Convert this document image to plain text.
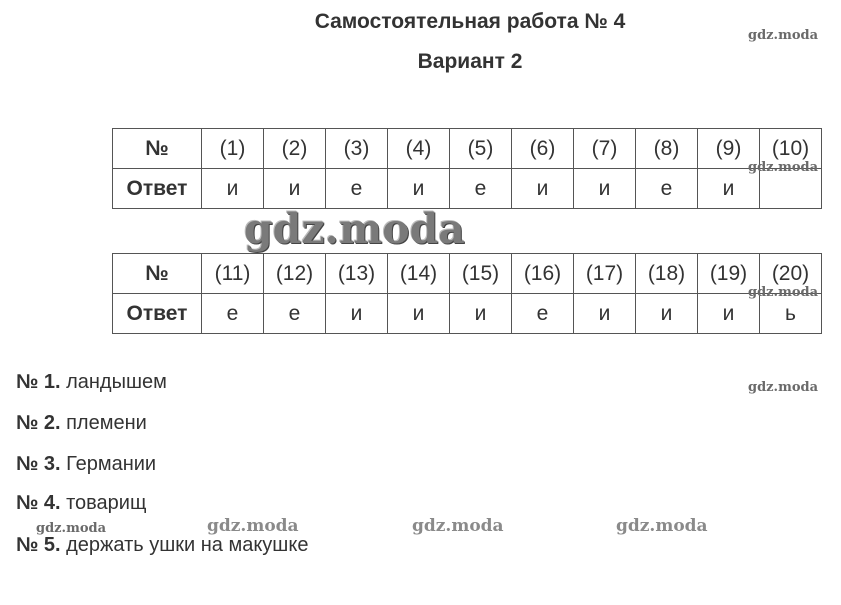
Самостоятельная работа № 4
Вариант 2
№	(1)	(2)	(3)	(4)	(5)	(6)	(7)	(8)	(9)	(10)
Ответ	и	и	е	и	е	и	и	е	и	
№	(11)	(12)	(13)	(14)	(15)	(16)	(17)	(18)	(19)	(20)
Ответ	е	е	и	и	и	е	и	и	и	ь
№ 1. ландышем
№ 2. племени
№ 3. Германии
№ 4. товарищ
№ 5. держать ушки на макушке
gdz.moda
gdz.moda
gdz.moda
gdz.moda
gdz.moda
gdz.moda	gdz.moda	gdz.moda	gdz.moda
